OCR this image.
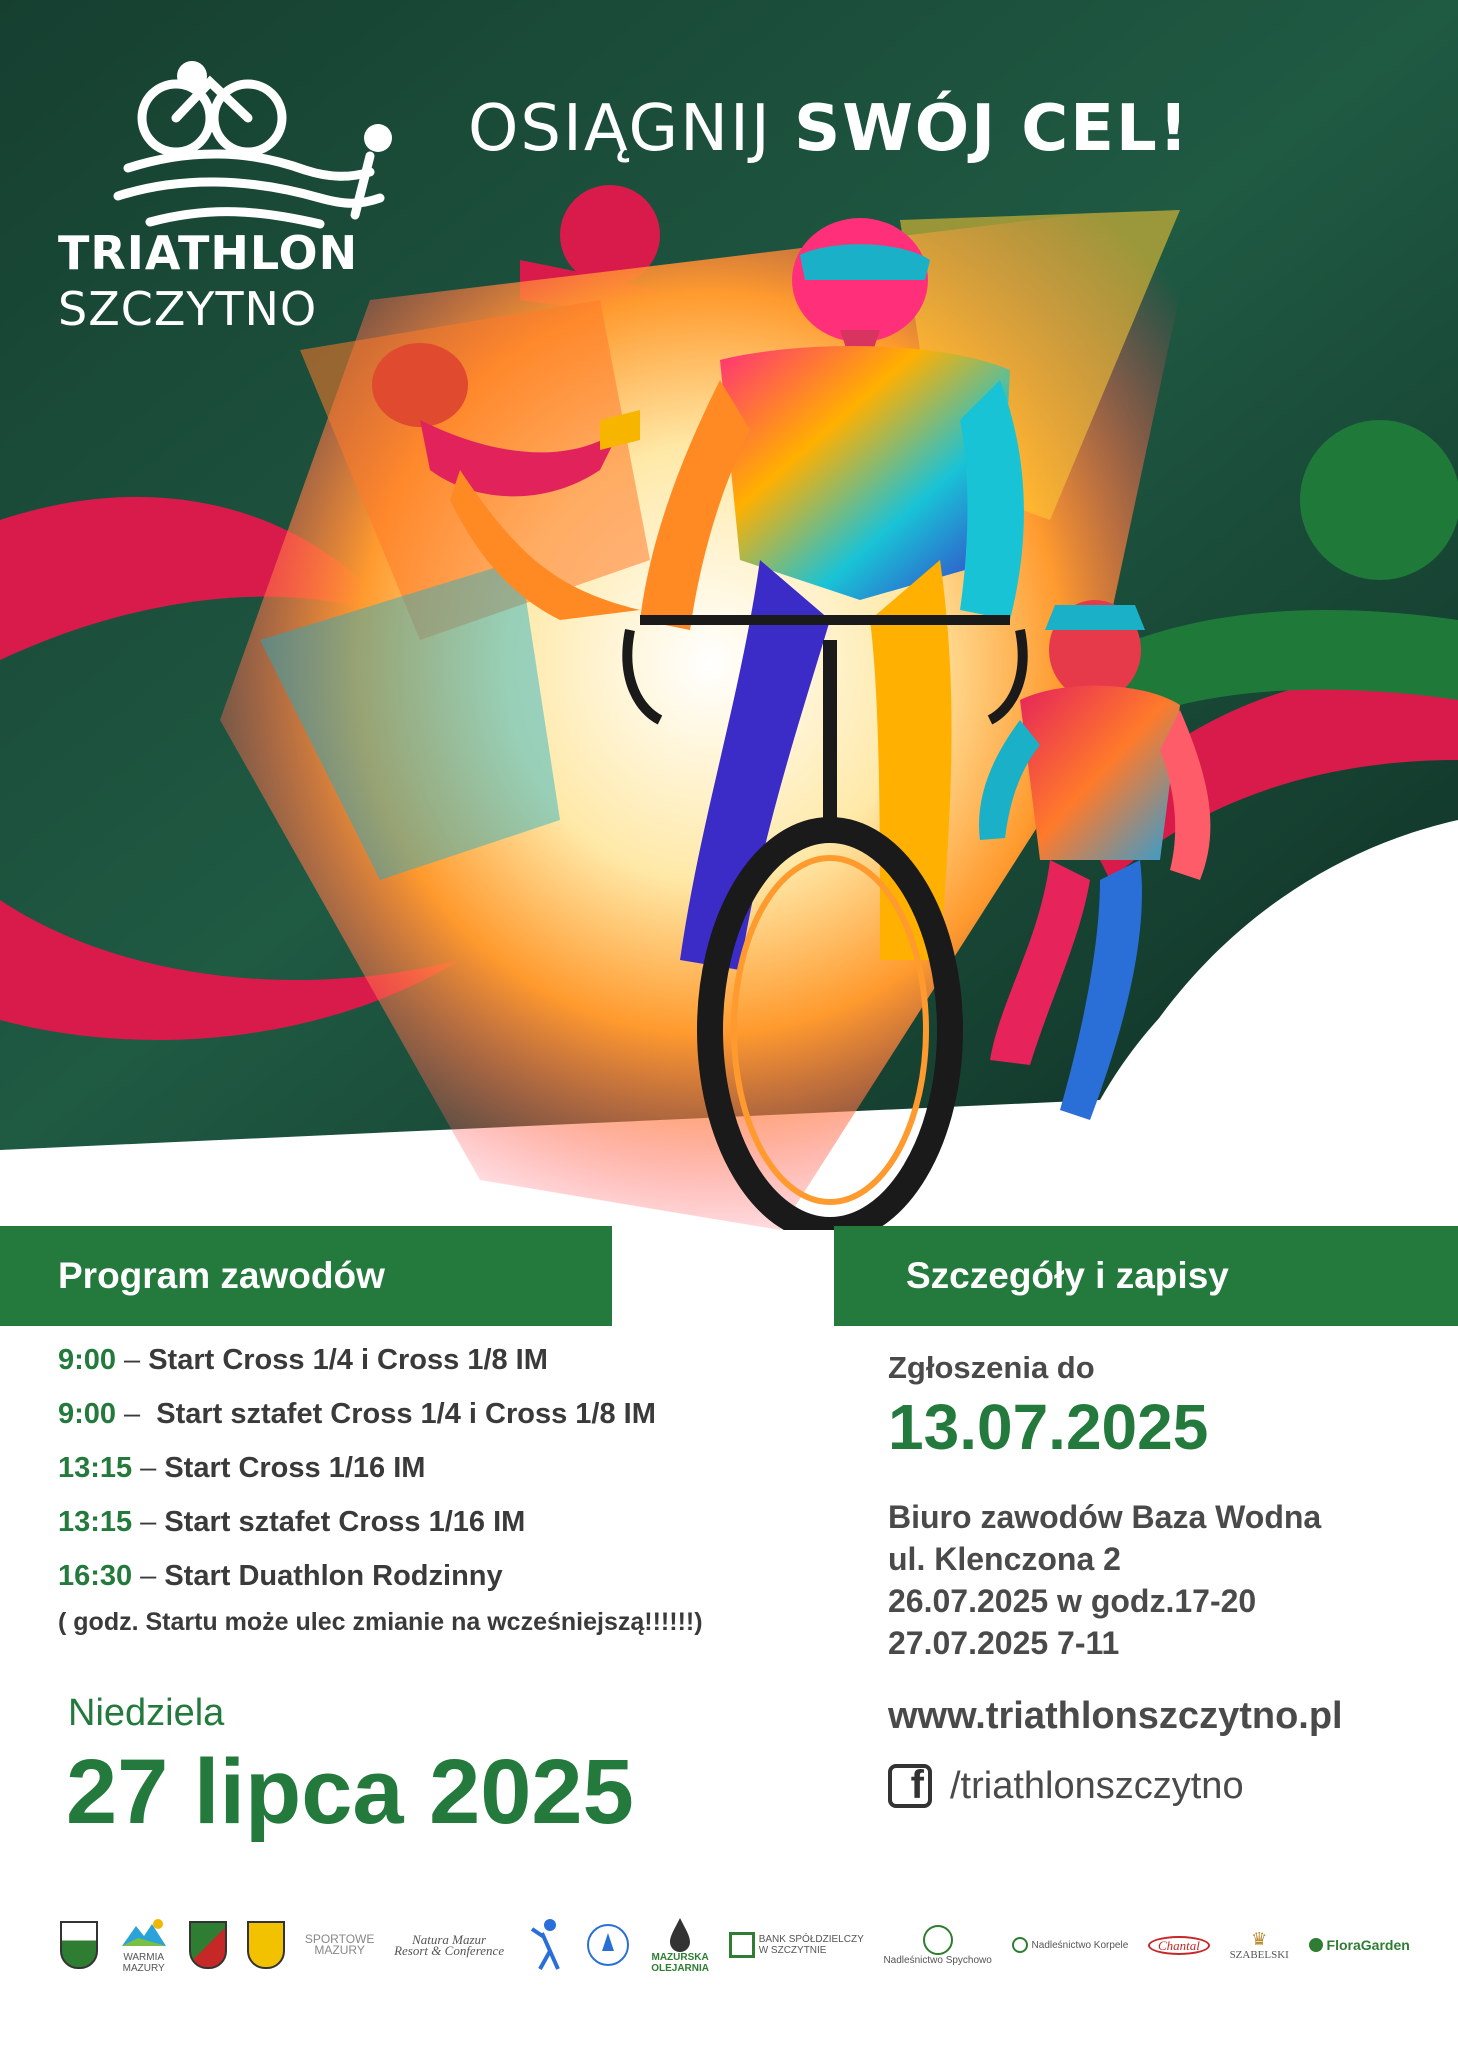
TRIATHLON
SZCZYTNO
OSIĄGNIJ SWÓJ CEL!
Program zawodów	Szczegóły i zapisy
9:00 – Start Cross 1/4 i Cross 1/8 IM
9:00 – Start sztafet Cross 1/4 i Cross 1/8 IM
13:15 – Start Cross 1/16 IM
13:15 – Start sztafet Cross 1/16 IM
16:30 – Start Duathlon Rodzinny
( godz. Startu może ulec zmianie na wcześniejszą!!!!!!)
Niedziela
27 lipca 2025
Zgłoszenia do
13.07.2025
Biuro zawodów Baza Wodna
ul. Klenczona 2
26.07.2025 w godz.17-20
27.07.2025 7-11
www.triathlonszczytno.pl
f /triathlonszczytno
WARMIA
MAZURY
SPORTOWE
MAZURY
Natura Mazur
Resort & Conference	MAZURSKA
OLEJARNIA
BANK SPÓŁDZIELCZY
W SZCZYTNIE
Nadleśnictwo Spychowo
Nadleśnictwo Korpele	Chantal	♛
SZABELSKI
FloraGarden
